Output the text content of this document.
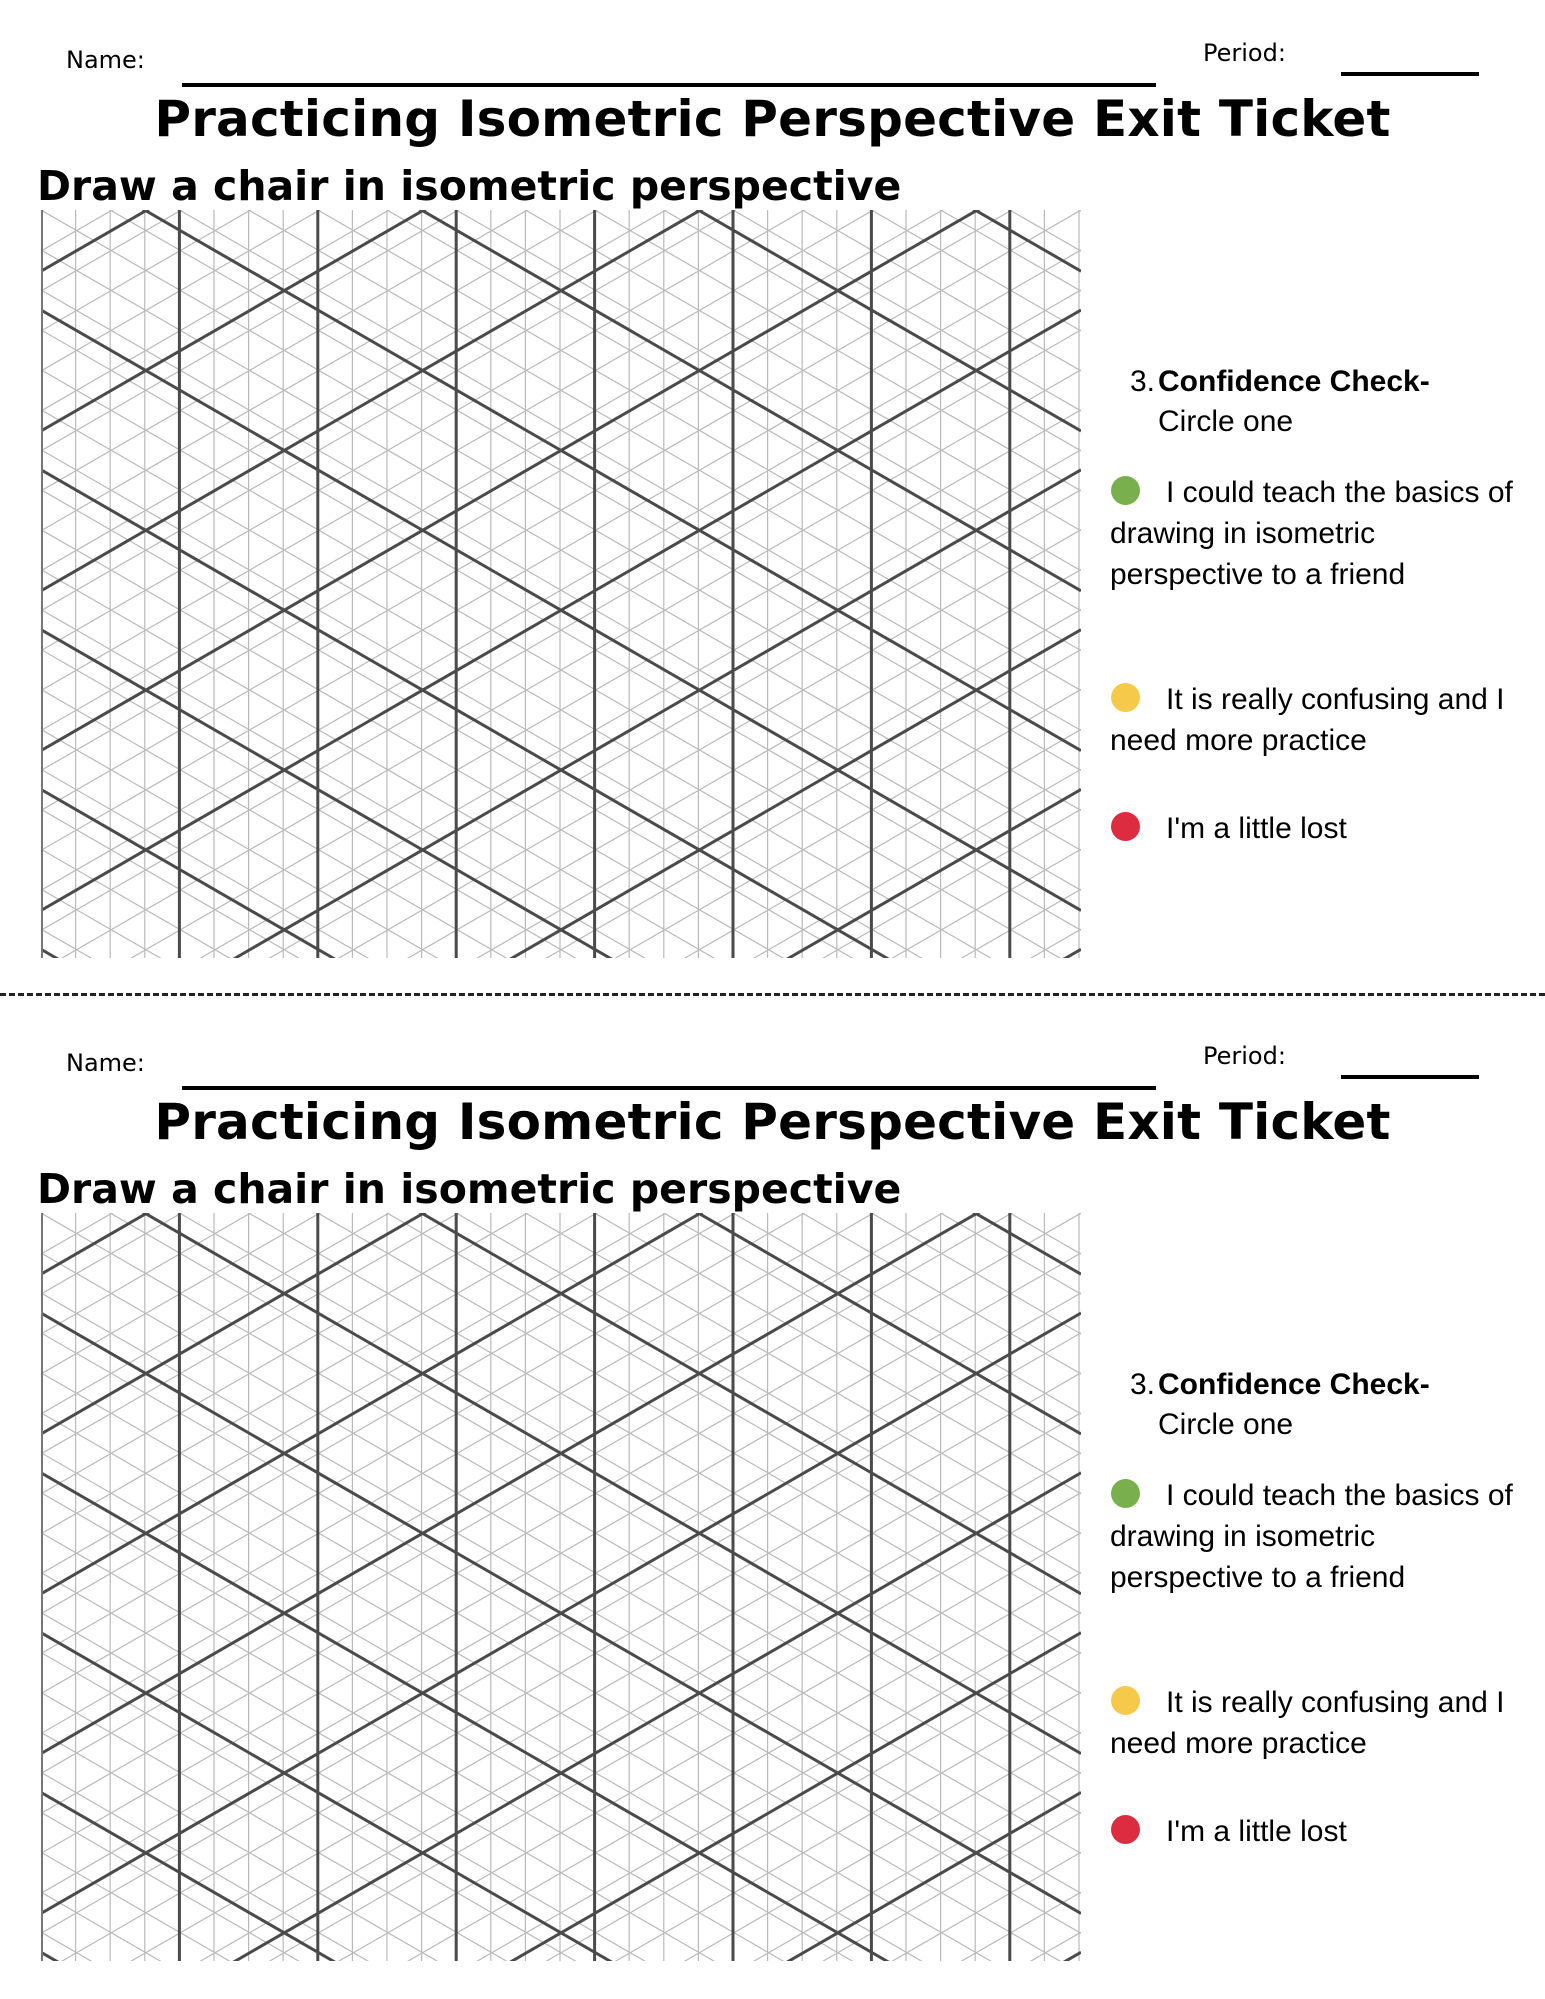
Name:	Period:
Practicing Isometric Perspective Exit Ticket
Draw a chair in isometric perspective
3. Confidence Check-
Circle one
I could teach the basics of drawing in isometric perspective to a friend
It is really confusing and I need more practice
I'm a little lost
Name:	Period:
Practicing Isometric Perspective Exit Ticket
Draw a chair in isometric perspective
3. Confidence Check-
Circle one
I could teach the basics of drawing in isometric perspective to a friend
It is really confusing and I need more practice
I'm a little lost
